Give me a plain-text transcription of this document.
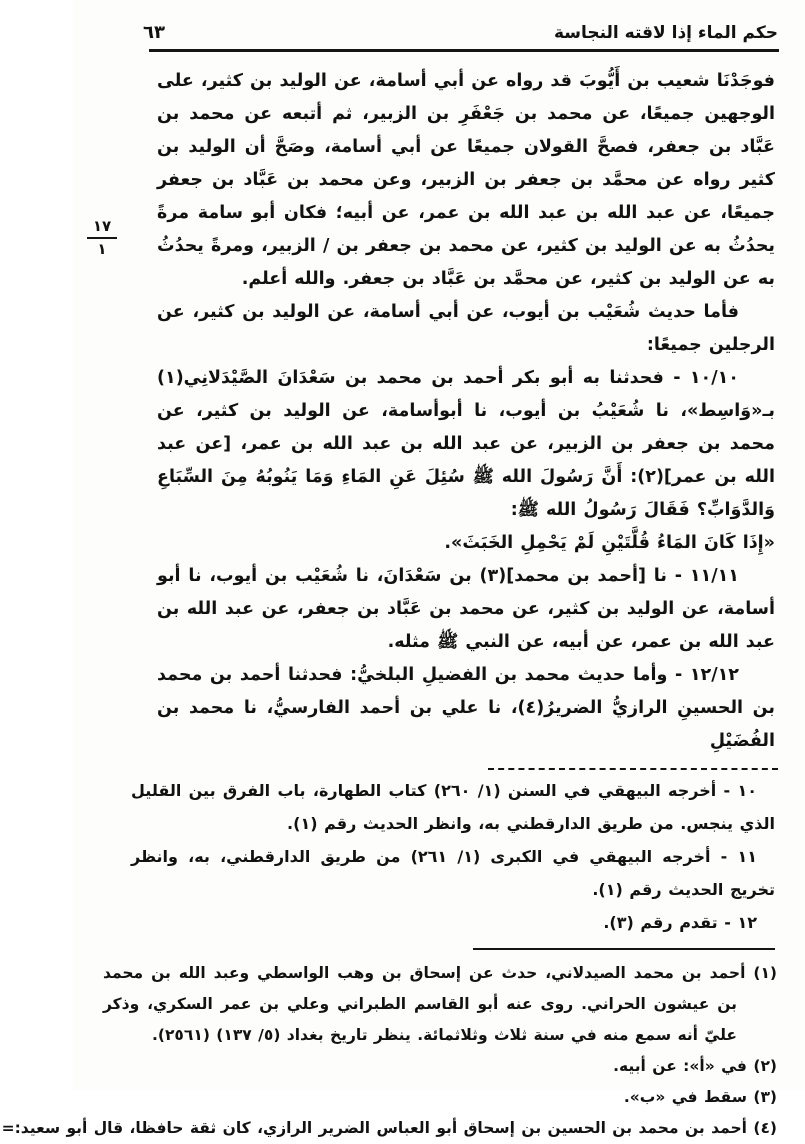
حكم الماء إذا لاقته النجاسة
٦٣
١٧
١

فوجَدْنَا شعيب بن أَيُّوبَ قد رواه عن أبي أسامة، عن الوليد بن كثير، على الوجهين جميعًا، عن محمد بن جَعْفَرِ بن الزبير، ثم أتبعه عن محمد بن عَبَّاد بن جعفر، فصحَّ القولان جميعًا عن أبي أسامة، وصَحَّ أن الوليد بن كثير رواه عن محمَّد بن جعفر بن الزبير، وعن محمد بن عَبَّاد بن جعفر جميعًا، عن عبد الله بن عبد الله بن عمر، عن أبيه؛ فكان أبو سامة مرةً يحدُثُ به عن الوليد بن كثير، عن محمد بن جعفر بن / الزبير، ومرةً يحدُثُ به عن الوليد بن كثير، عن محمَّد بن عَبَّاد بن جعفر. والله أعلم.

فأما حديث شُعَيْب بن أيوب، عن أبي أسامة، عن الوليد بن كثير، عن الرجلين جميعًا:

١٠/١٠ - فحدثنا به أبو بكر أحمد بن محمد بن سَعْدَانَ الصَّيْدَلانِي(١) بـ«وَاسِط»، نا شُعَيْبُ بن أيوب، نا أبوأسامة، عن الوليد بن كثير، عن محمد بن جعفر بن الزبير، عن عبد الله بن عبد الله بن عمر، [عن عبد الله بن عمر](٢): أَنَّ رَسُولَ الله ﷺ سُئِلَ عَنِ المَاءِ وَمَا يَنُوبُهُ مِنَ السِّبَاعِ وَالدَّوَابِّ؟ فَقَالَ رَسُولُ الله ﷺ:

«إِذَا كَانَ المَاءُ قُلَّتَيْنِ لَمْ يَحْمِلِ الخَبَثَ».

١١/١١ - نا [أحمد بن محمد](٣) بن سَعْدَانَ، نا شُعَيْب بن أيوب، نا أبو أسامة، عن الوليد بن كثير، عن محمد بن عَبَّاد بن جعفر، عن عبد الله بن عبد الله بن عمر، عن أبيه، عن النبي ﷺ مثله.

١٢/١٢ - وأما حديث محمد بن الفضيلِ البلخيُّ: فحدثنا أحمد بن محمد بن الحسينِ الرازيُّ الضريرُ(٤)، نا علي بن أحمد الفارسيُّ، نا محمد بن الفُضَيْلِ

١٠ - أخرجه البيهقي في السنن (١/ ٢٦٠) كتاب الطهارة، باب الفرق بين القليل الذي ينجس. من طريق الدارقطني به، وانظر الحديث رقم (١).

١١ - أخرجه البيهقي في الكبرى (١/ ٢٦١) من طريق الدارقطني، به، وانظر تخريج الحديث رقم (١).

١٢ - تقدم رقم (٣).

(١) أحمد بن محمد الصيدلاني، حدث عن إسحاق بن وهب الواسطي وعبد الله بن محمد بن عيشون الحراني. روى عنه أبو القاسم الطبراني وعلي بن عمر السكري، وذكر عليّ أنه سمع منه في سنة ثلاث وثلاثمائة. ينظر تاريخ بغداد (٥/ ١٣٧) (٢٥٦١).

(٢) في «أ»: عن أبيه.

(٣) سقط في «ب».

(٤) أحمد بن محمد بن الحسين بن إسحاق أبو العباس الضرير الرازي، كان ثقة حافظا، قال أبو سعيد:
=
